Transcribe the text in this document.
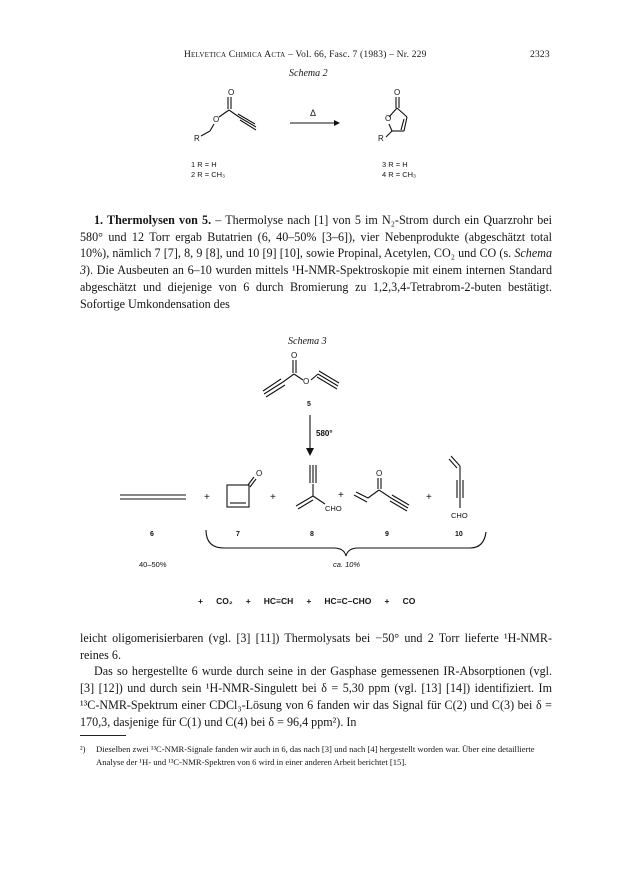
Helvetica Chimica Acta – Vol. 66, Fasc. 7 (1983) – Nr. 229	2323
Schema 2
O
O
R
Δ
O
O
R
1 R = H
2 R = CH₃
3 R = H
4 R = CH₃

1. Thermolysen von 5. – Thermolyse nach [1] von 5 im N₂-Strom durch ein Quarzrohr bei 580° und 12 Torr ergab Butatrien (6, 40–50% [3–6]), vier Nebenprodukte (abgeschätzt total 10%), nämlich 7 [7], 8, 9 [8], und 10 [9] [10], sowie Propinal, Acetylen, CO₂ und CO (s. Schema 3). Die Ausbeuten an 6–10 wurden mittels ¹H-NMR-Spektroskopie mit einem internen Standard abgeschätzt und diejenige von 6 durch Bromierung zu 1,2,3,4-Tetrabrom-2-buten bestätigt. Sofortige Umkondensation des

Schema 3
O
O
5
580°
+	+	+	+
O	O
CHO
CHO
6	7	8	9	10
40–50%	ca. 10%
+ CO₂ + HC≡CH + HC≡C–CHO + CO

leicht oligomerisierbaren (vgl. [3] [11]) Thermolysats bei −50° und 2 Torr lieferte ¹H-NMR-reines 6.

Das so hergestellte 6 wurde durch seine in der Gasphase gemessenen IR-Absorptionen (vgl. [3] [12]) und durch sein ¹H-NMR-Singulett bei δ = 5,30 ppm (vgl. [13] [14]) identifiziert. Im ¹³C-NMR-Spektrum einer CDCl₃-Lösung von 6 fanden wir das Signal für C(2) und C(3) bei δ = 170,3, dasjenige für C(1) und C(4) bei δ = 96,4 ppm²). In

²) Dieselben zwei ¹³C-NMR-Signale fanden wir auch in 6, das nach [3] und nach [4] hergestellt worden war. Über eine detaillierte Analyse der ¹H- und ¹³C-NMR-Spektren von 6 wird in einer anderen Arbeit berichtet [15].
